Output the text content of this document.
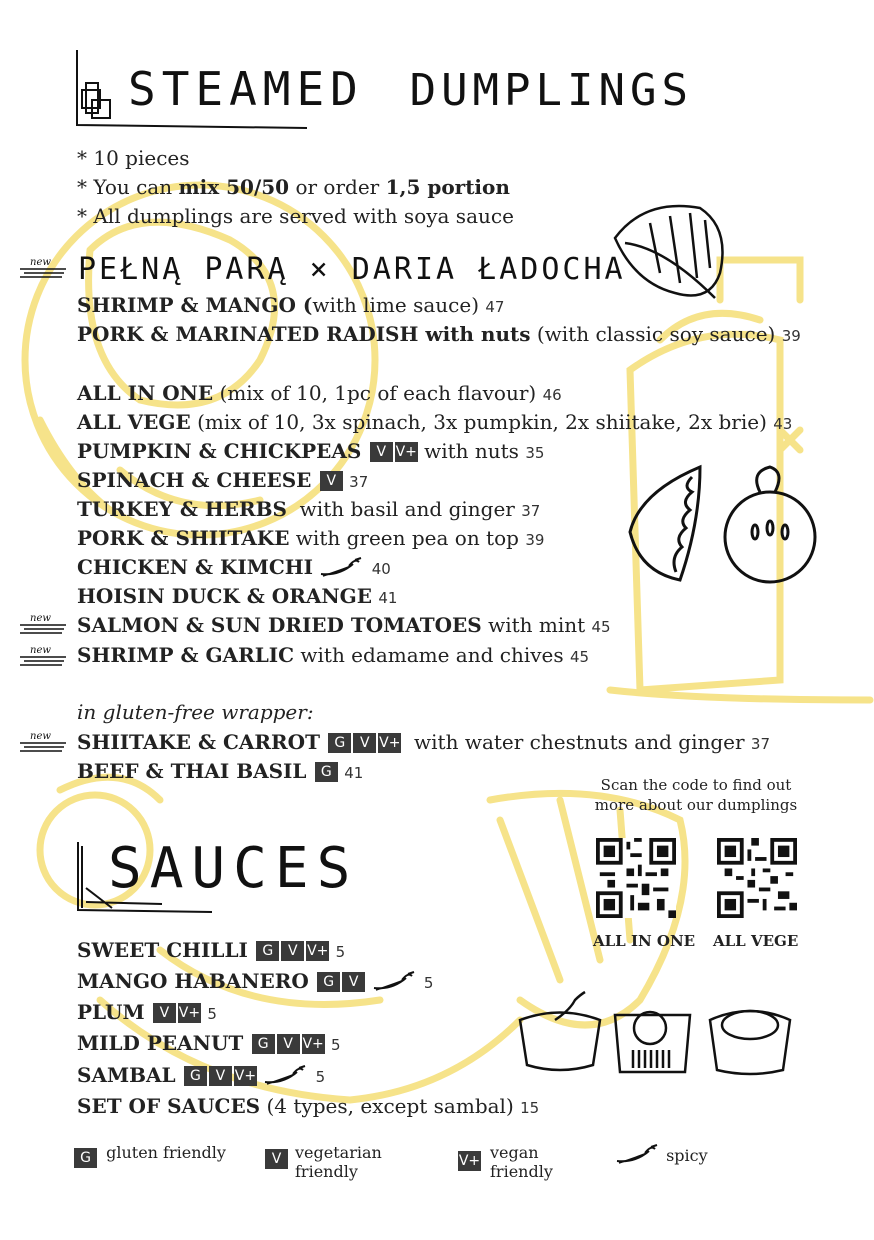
STEAMED DUMPLINGS
* 10 pieces
* You can mix 50/50 or order 1,5 portion
* All dumplings are served with soya sauce
new PEŁNĄ PARĄ × DARIA ŁADOCHA
SHRIMP & MANGO (with lime sauce) 47
PORK & MARINATED RADISH with nuts (with classic soy sauce) 39
ALL IN ONE (mix of 10, 1pc of each flavour) 46
ALL VEGE (mix of 10, 3x spinach, 3x pumpkin, 2x shiitake, 2x brie) 43
PUMPKIN & CHICKPEAS V V+ with nuts 35
SPINACH & CHEESE V 37
TURKEY & HERBS with basil and ginger 37
PORK & SHIITAKE with green pea on top 39
CHICKEN & KIMCHI	40
HOISIN DUCK & ORANGE 41
new SALMON & SUN DRIED TOMATOES with mint 45
new SHRIMP & GARLIC with edamame and chives 45
in gluten-free wrapper:
new SHIITAKE & CARROT G V V+ with water chestnuts and ginger 37
BEEF & THAI BASIL G 41
Scan the code to find out
more about our dumplings
ALL IN ONE ALL VEGE
SAUCES
SWEET CHILLI G V V+ 5
MANGO HABANERO G V	5
PLUM V V+ 5
MILD PEANUT G V V+ 5
SAMBAL G V V+	5
SET OF SAUCES (4 types, except sambal) 15
G gluten friendly	V vegetarian
friendly
V+ vegan
friendly
spicy
